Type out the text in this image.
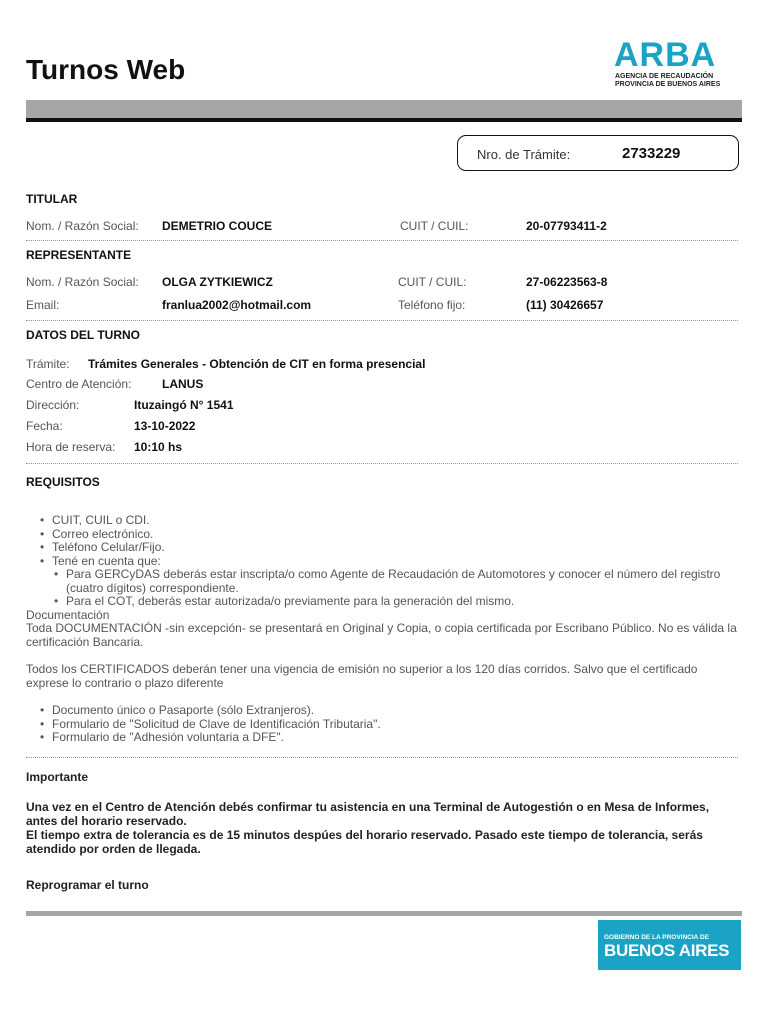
Turnos Web	ARBA
AGENCIA DE RECAUDACIÓN
PROVINCIA DE BUENOS AIRES
Nro. de Trámite:	2733229
TITULAR
Nom. / Razón Social: DEMETRIO COUCE	CUIT / CUIL:	20-07793411-2
REPRESENTANTE
Nom. / Razón Social: OLGA ZYTKIEWICZ	CUIT / CUIL:	27-06223563-8
Email:	franlua2002@hotmail.com	Teléfono fijo:	(11) 30426657
DATOS DEL TURNO
Trámite: Trámites Generales - Obtención de CIT en forma presencial
Centro de Atención:	LANUS
Dirección:	Ituzaingó N° 1541
Fecha:	13-10-2022
Hora de reserva: 10:10 hs
REQUISITOS
• CUIT, CUIL o CDI.
• Correo electrónico.
• Teléfono Celular/Fijo.
• Tené en cuenta que:
• Para GERCyDAS deberás estar inscripta/o como Agente de Recaudación de Automotores y conocer el número del registro (cuatro dígitos) correspondiente.
• Para el COT, deberás estar autorizada/o previamente para la generación del mismo.

Documentación

Toda DOCUMENTACIÓN -sin excepción- se presentará en Original y Copia, o copia certificada por Escribano Público. No es válida la certificación Bancaria.

Todos los CERTIFICADOS deberán tener una vigencia de emisión no superior a los 120 días corridos. Salvo que el certificado exprese lo contrario o plazo diferente

• Documento único o Pasaporte (sólo Extranjeros).
• Formulario de "Solicitud de Clave de Identificación Tributaria".
• Formulario de "Adhesión voluntaria a DFE".
Importante
Una vez en el Centro de Atención debés confirmar tu asistencia en una Terminal de Autogestión o en Mesa de Informes, antes del horario reservado.
El tiempo extra de tolerancia es de 15 minutos despúes del horario reservado. Pasado este tiempo de tolerancia, serás atendido por orden de llegada.
Reprogramar el turno
GOBIERNO DE LA PROVINCIA DE
BUENOS AIRES
